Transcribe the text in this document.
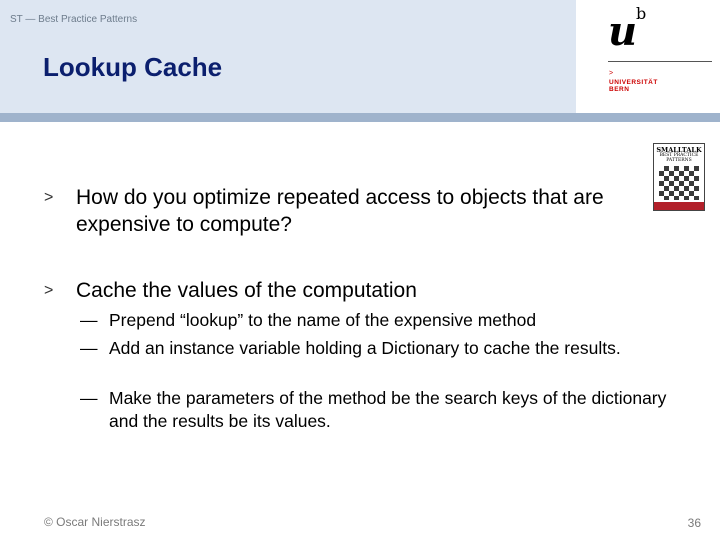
ST — Best Practice Patterns
Lookup Cache
u
b
>
UNIVERSITÄT
BERN
SMALLTALK
BEST PRACTICE PATTERNS
> How do you optimize repeated access to objects that are expensive to compute?
> Cache the values of the computation
— Prepend “lookup” to the name of the expensive method
— Add an instance variable holding a Dictionary to cache the results.
— Make the parameters of the method be the search keys of the dictionary and the results be its values.
© Oscar Nierstrasz	36
